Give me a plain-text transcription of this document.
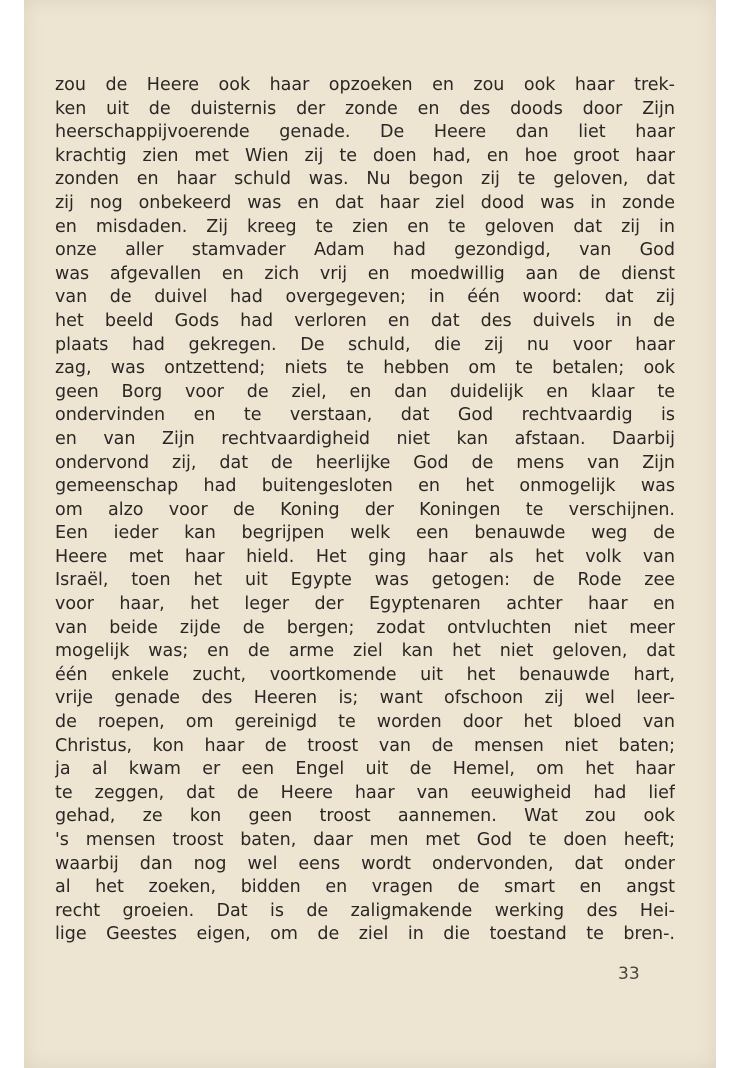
zou de Heere ook haar opzoeken en zou ook haar trek-
ken uit de duisternis der zonde en des doods door Zijn
heerschappijvoerende genade. De Heere dan liet haar
krachtig zien met Wien zij te doen had, en hoe groot haar
zonden en haar schuld was. Nu begon zij te geloven, dat
zij nog onbekeerd was en dat haar ziel dood was in zonde
en misdaden. Zij kreeg te zien en te geloven dat zij in
onze aller stamvader Adam had gezondigd, van God
was afgevallen en zich vrij en moedwillig aan de dienst
van de duivel had overgegeven; in één woord: dat zij
het beeld Gods had verloren en dat des duivels in de
plaats had gekregen. De schuld, die zij nu voor haar
zag, was ontzettend; niets te hebben om te betalen; ook
geen Borg voor de ziel, en dan duidelijk en klaar te
ondervinden en te verstaan, dat God rechtvaardig is
en van Zijn rechtvaardigheid niet kan afstaan. Daarbij
ondervond zij, dat de heerlijke God de mens van Zijn
gemeenschap had buitengesloten en het onmogelijk was
om alzo voor de Koning der Koningen te verschijnen.
Een ieder kan begrijpen welk een benauwde weg de
Heere met haar hield. Het ging haar als het volk van
Israël, toen het uit Egypte was getogen: de Rode zee
voor haar, het leger der Egyptenaren achter haar en
van beide zijde de bergen; zodat ontvluchten niet meer
mogelijk was; en de arme ziel kan het niet geloven, dat
één enkele zucht, voortkomende uit het benauwde hart,
vrije genade des Heeren is; want ofschoon zij wel leer-
de roepen, om gereinigd te worden door het bloed van
Christus, kon haar de troost van de mensen niet baten;
ja al kwam er een Engel uit de Hemel, om het haar
te zeggen, dat de Heere haar van eeuwigheid had lief
gehad, ze kon geen troost aannemen. Wat zou ook
's mensen troost baten, daar men met God te doen heeft;
waarbij dan nog wel eens wordt ondervonden, dat onder
al het zoeken, bidden en vragen de smart en angst
recht groeien. Dat is de zaligmakende werking des Hei-
lige Geestes eigen, om de ziel in die toestand te bren-.
33
